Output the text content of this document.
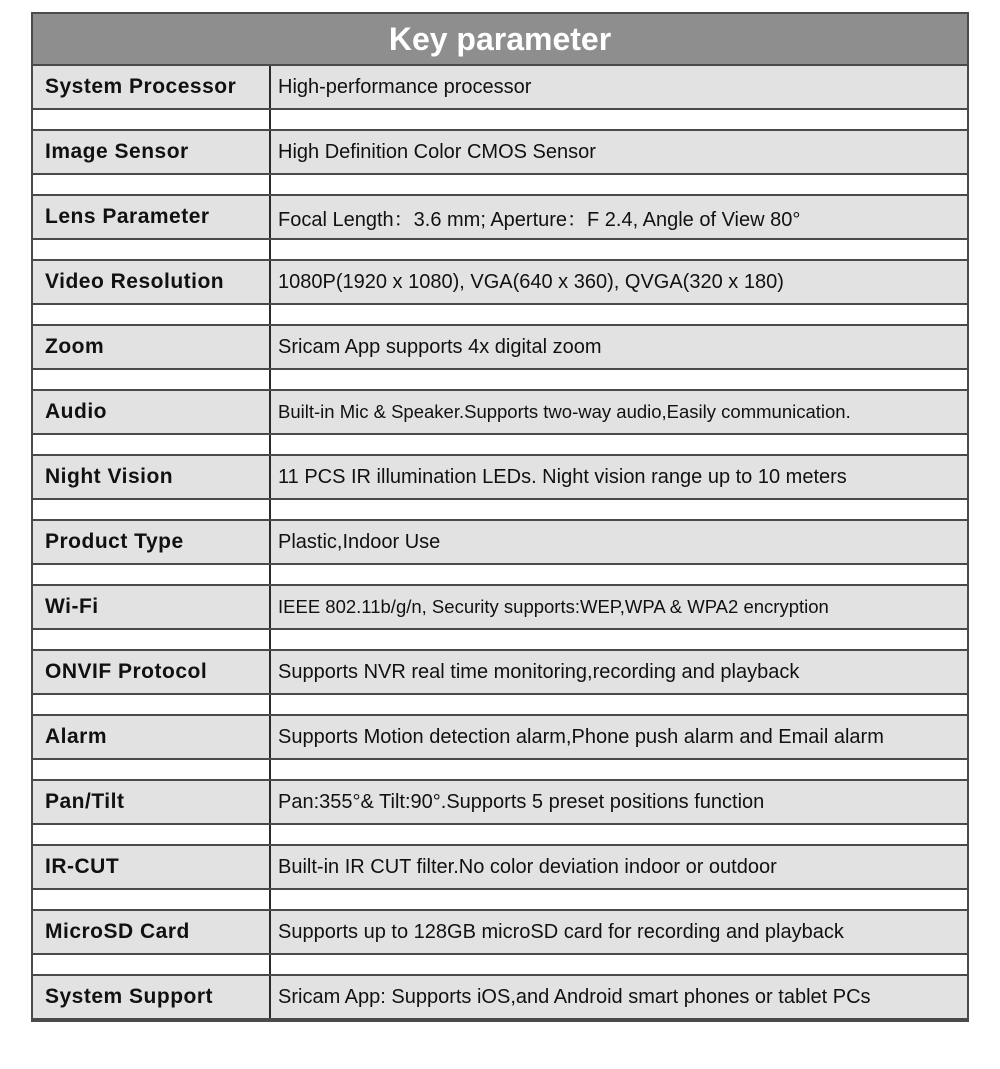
Key parameter
System Processor	High-performance processor
Image Sensor	High Definition Color CMOS Sensor
Lens Parameter	Focal Length：3.6 mm; Aperture：F 2.4, Angle of View 80°
Video Resolution	1080P(1920 x 1080), VGA(640 x 360), QVGA(320 x 180)
Zoom	Sricam App supports 4x digital zoom
Audio	Built-in Mic & Speaker.Supports two-way audio,Easily communication.
Night Vision	11 PCS IR illumination LEDs. Night vision range up to 10 meters
Product Type	Plastic,Indoor Use
Wi-Fi	IEEE 802.11b/g/n, Security supports:WEP,WPA & WPA2 encryption
ONVIF Protocol	Supports NVR real time monitoring,recording and playback
Alarm	Supports Motion detection alarm,Phone push alarm and Email alarm
Pan/Tilt	Pan:355°& Tilt:90°.Supports 5 preset positions function
IR-CUT	Built-in IR CUT filter.No color deviation indoor or outdoor
MicroSD Card	Supports up to 128GB microSD card for recording and playback
System Support	Sricam App: Supports iOS,and Android smart phones or tablet PCs
